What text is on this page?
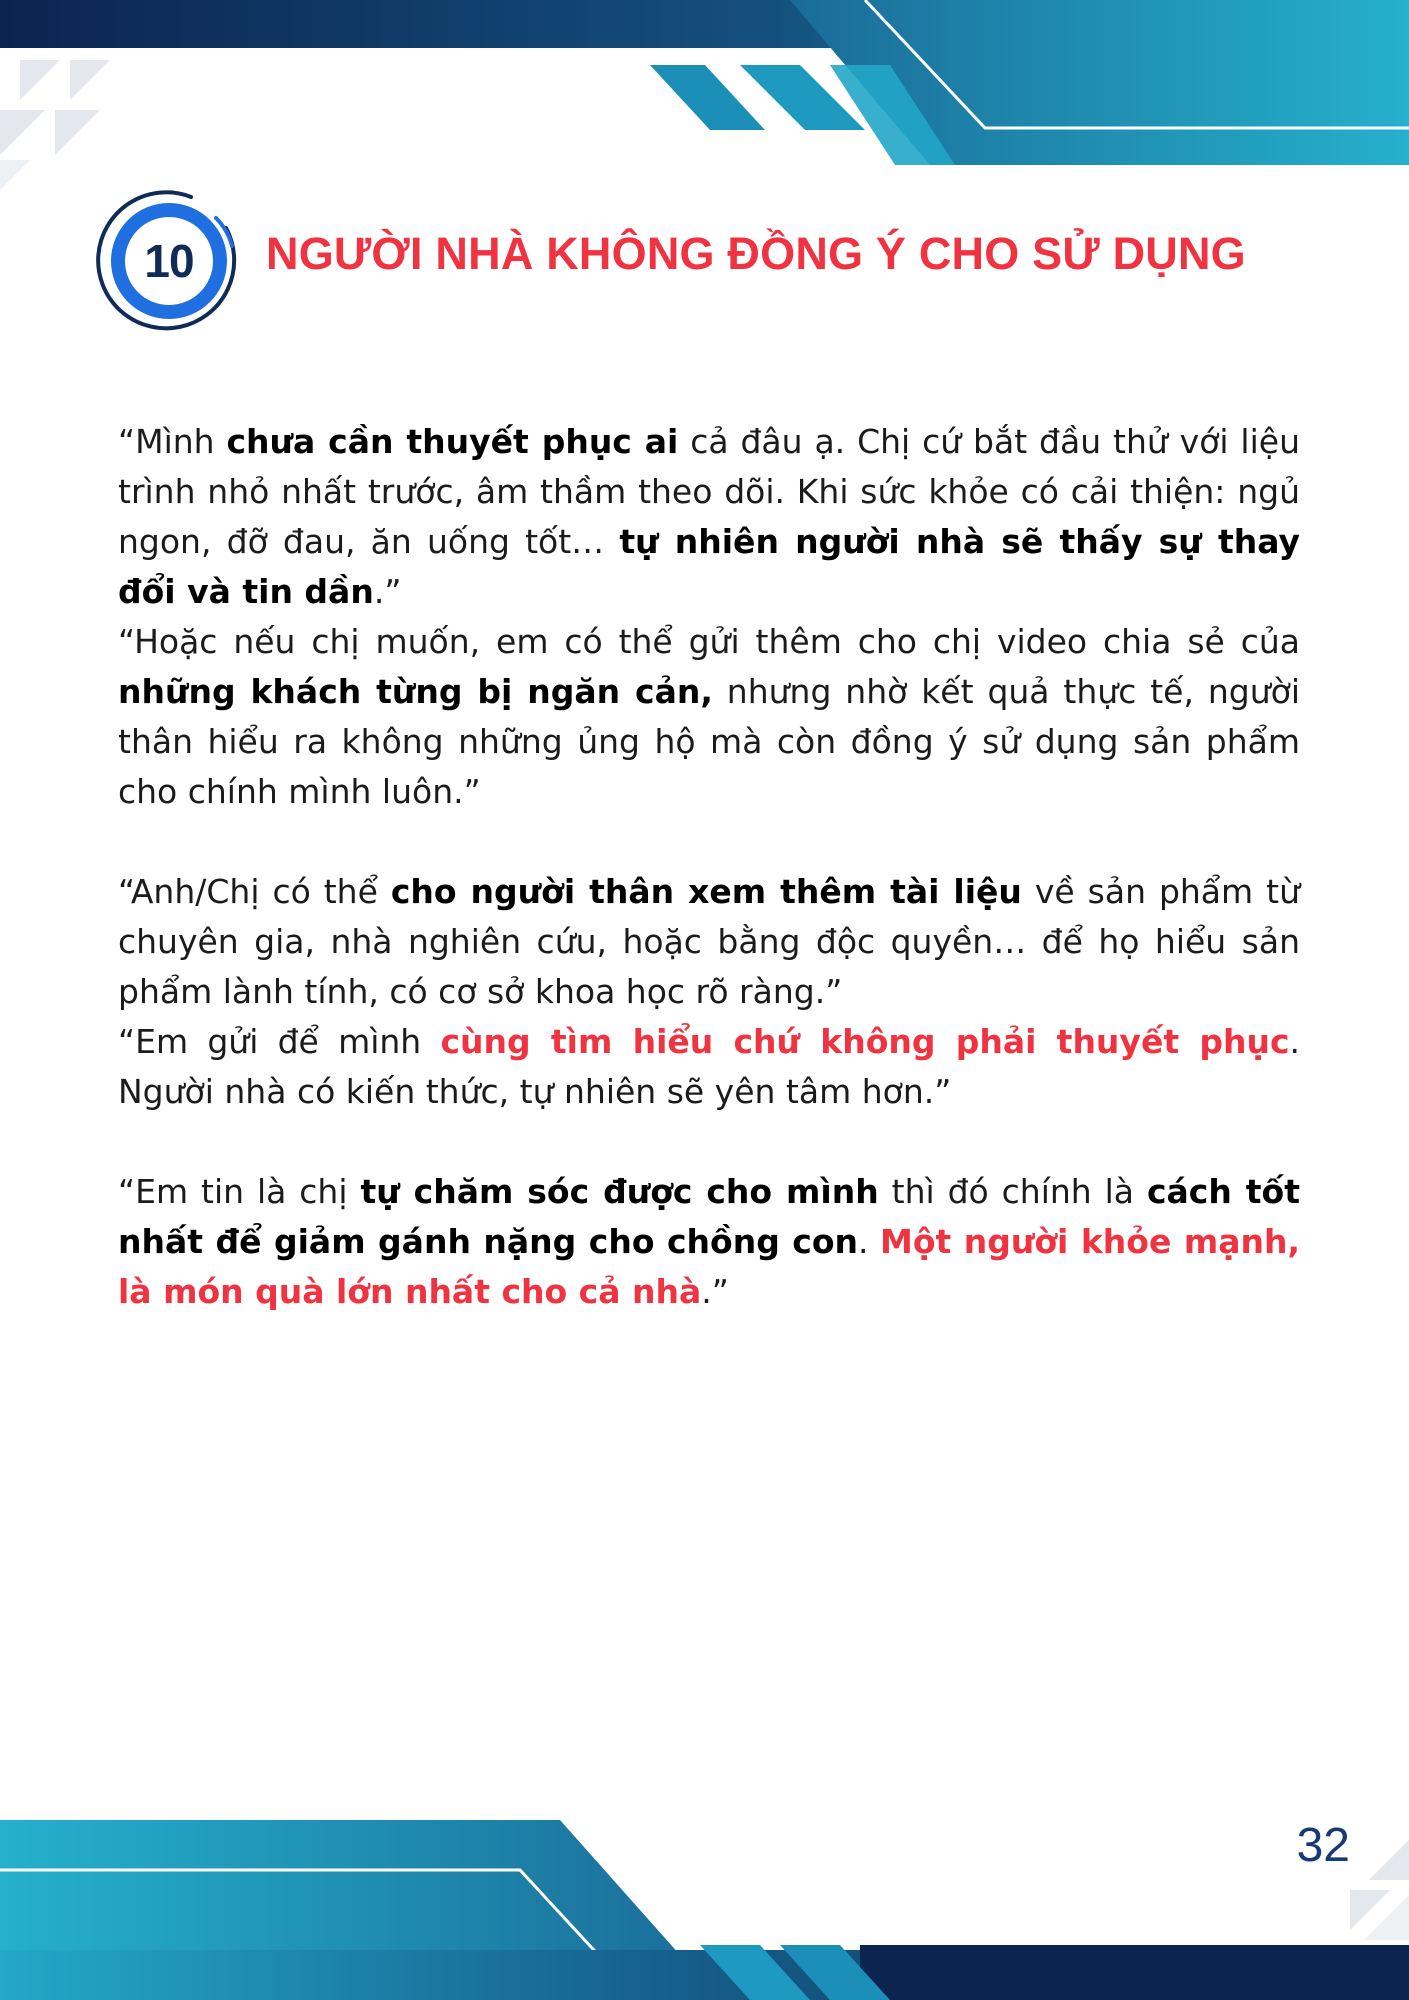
10	NGƯỜI NHÀ KHÔNG ĐỒNG Ý CHO SỬ DỤNG

“Mình chưa cần thuyết phục ai cả đâu ạ. Chị cứ bắt đầu thử với liệu trình nhỏ nhất trước, âm thầm theo dõi. Khi sức khỏe có cải thiện: ngủ ngon, đỡ đau, ăn uống tốt… tự nhiên người nhà sẽ thấy sự thay đổi và tin dần.”

“Hoặc nếu chị muốn, em có thể gửi thêm cho chị video chia sẻ của những khách từng bị ngăn cản, nhưng nhờ kết quả thực tế, người thân hiểu ra không những ủng hộ mà còn đồng ý sử dụng sản phẩm cho chính mình luôn.”

“Anh/Chị có thể cho người thân xem thêm tài liệu về sản phẩm từ chuyên gia, nhà nghiên cứu, hoặc bằng độc quyền… để họ hiểu sản phẩm lành tính, có cơ sở khoa học rõ ràng.”

“Em gửi để mình cùng tìm hiểu chứ không phải thuyết phục. Người nhà có kiến thức, tự nhiên sẽ yên tâm hơn.”

“Em tin là chị tự chăm sóc được cho mình thì đó chính là cách tốt nhất để giảm gánh nặng cho chồng con. Một người khỏe mạnh, là món quà lớn nhất cho cả nhà.”

32
